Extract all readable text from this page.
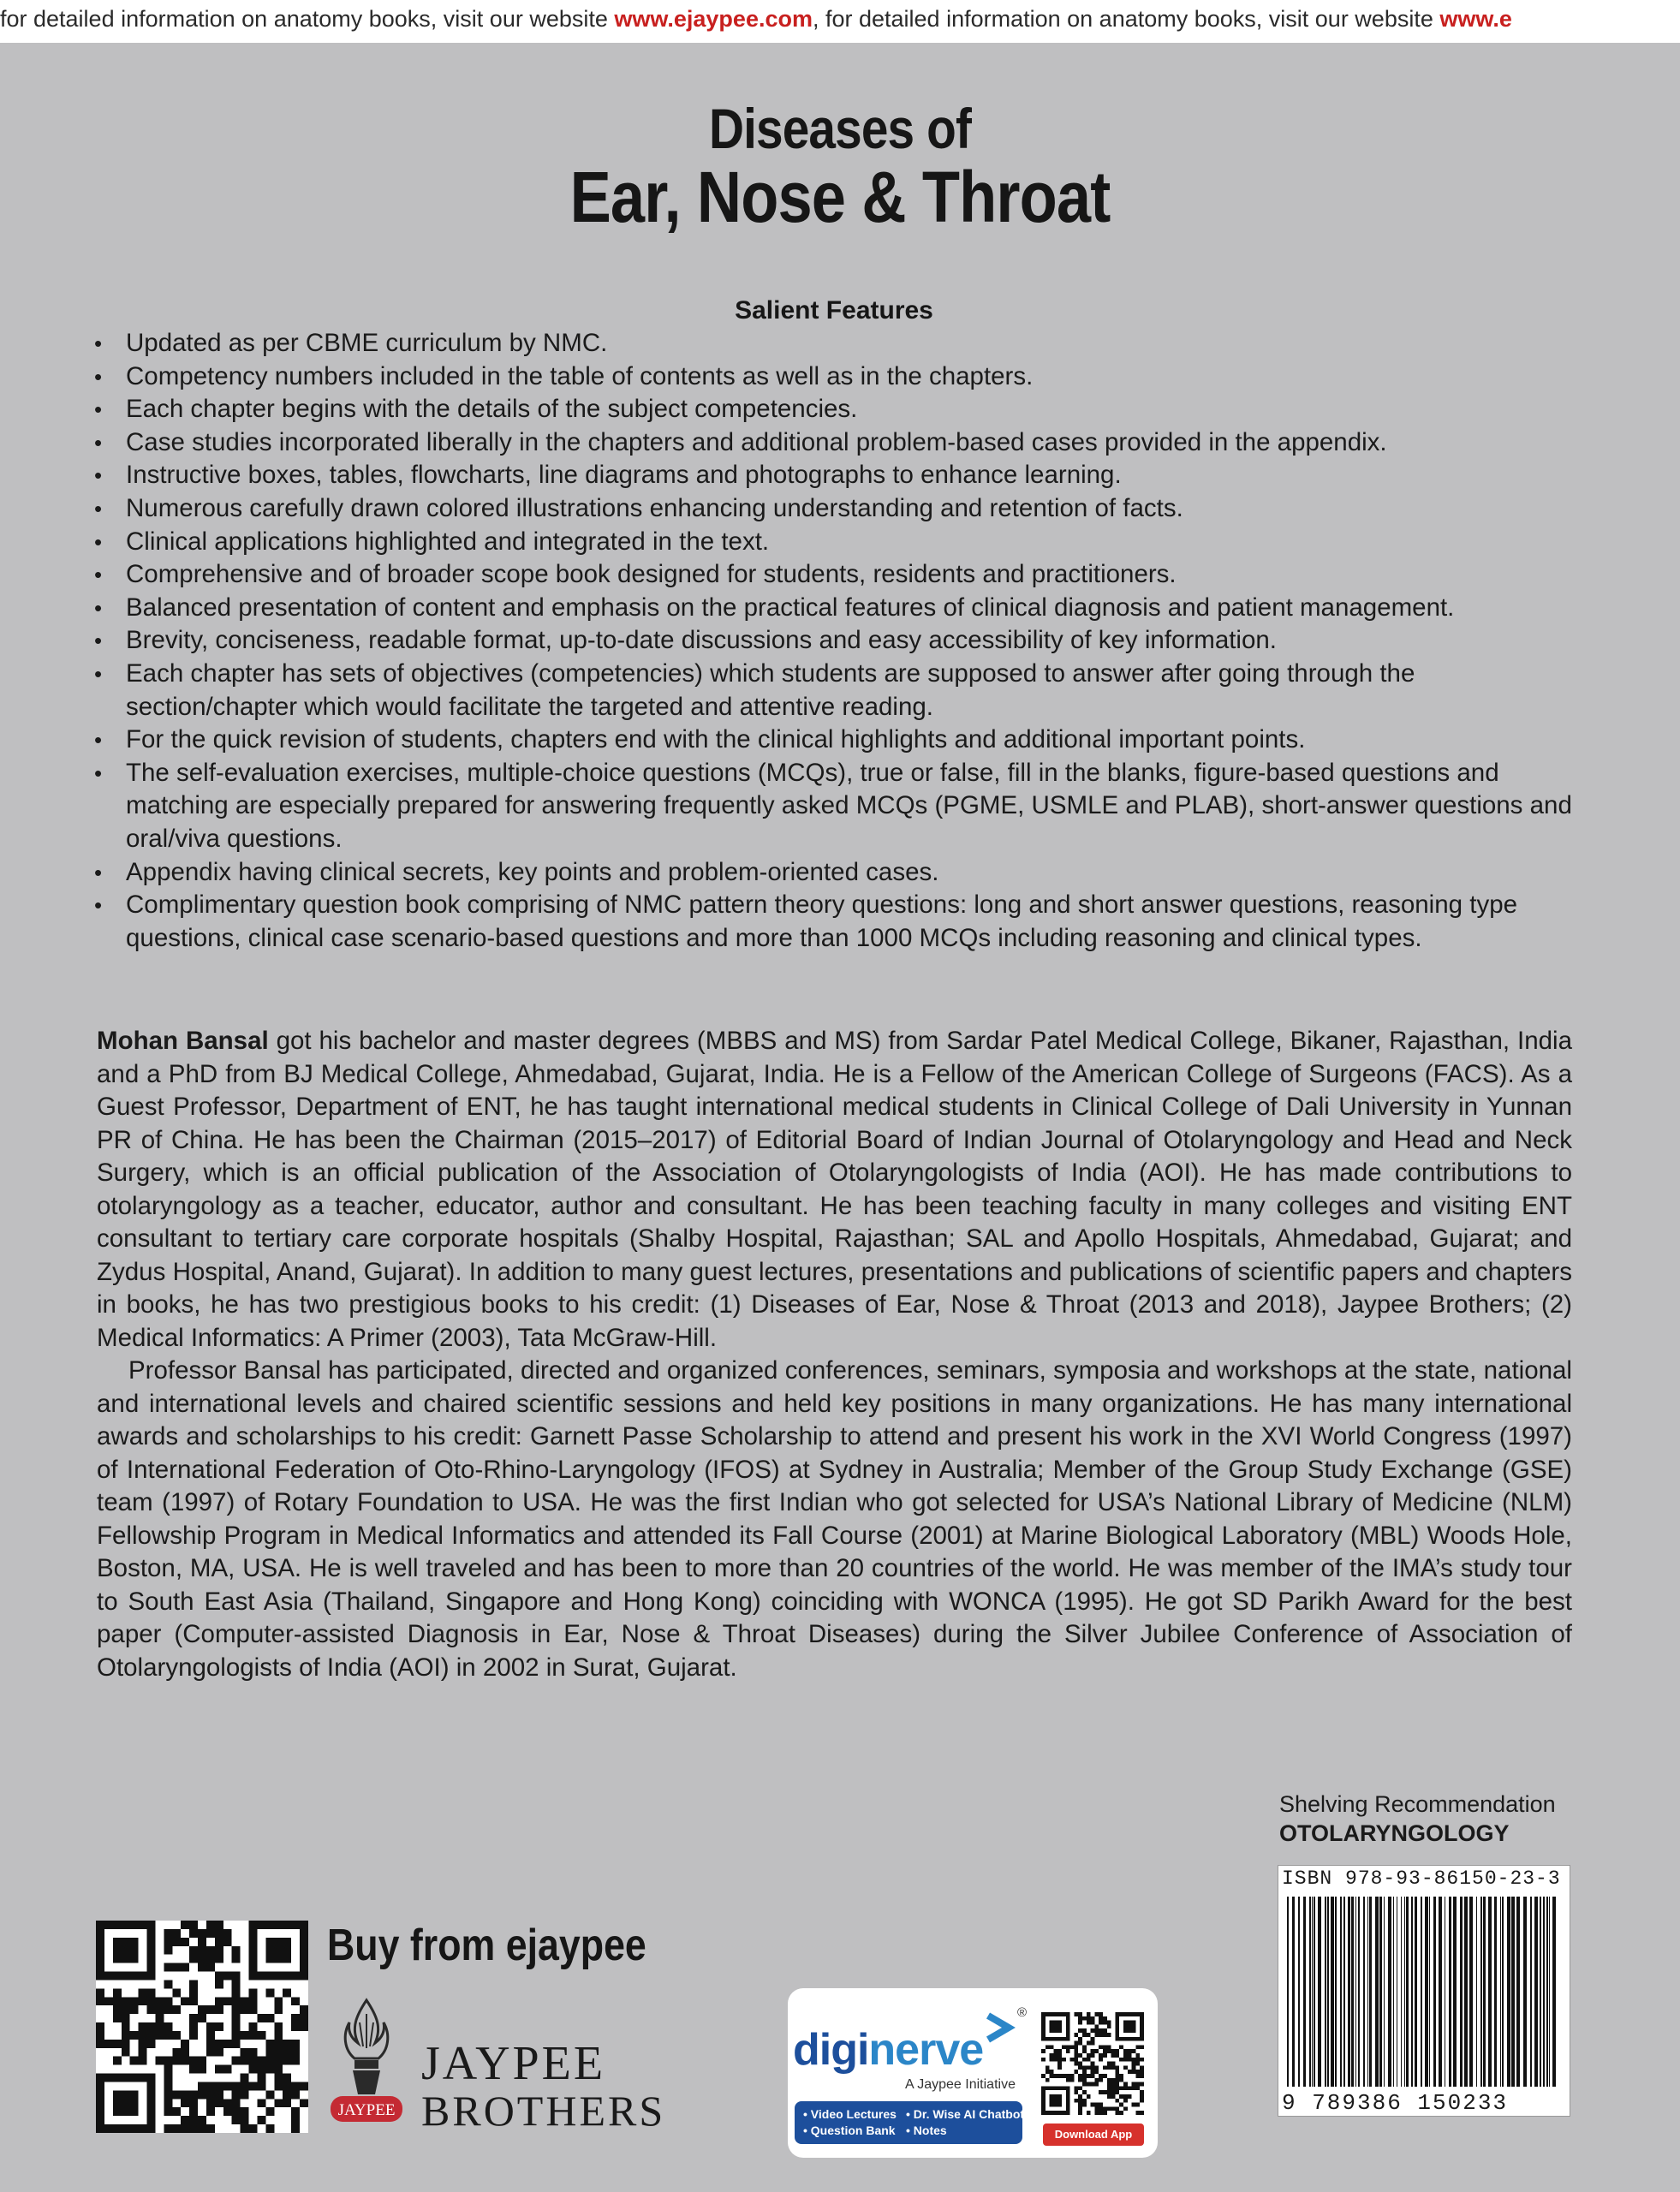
for detailed information on anatomy books, visit our website www.ejaypee.com, for detailed information on anatomy books, visit our website www.e
Diseases of
Ear, Nose & Throat
Salient Features
• Updated as per CBME curriculum by NMC.
• Competency numbers included in the table of contents as well as in the chapters.
• Each chapter begins with the details of the subject competencies.
• Case studies incorporated liberally in the chapters and additional problem-based cases provided in the appendix.
• Instructive boxes, tables, flowcharts, line diagrams and photographs to enhance learning.
• Numerous carefully drawn colored illustrations enhancing understanding and retention of facts.
• Clinical applications highlighted and integrated in the text.
• Comprehensive and of broader scope book designed for students, residents and practitioners.
• Balanced presentation of content and emphasis on the practical features of clinical diagnosis and patient management.
• Brevity, conciseness, readable format, up-to-date discussions and easy accessibility of key information.
• Each chapter has sets of objectives (competencies) which students are supposed to answer after going through the section/chapter which would facilitate the targeted and attentive reading.
• For the quick revision of students, chapters end with the clinical highlights and additional important points.
• The self-evaluation exercises, multiple-choice questions (MCQs), true or false, fill in the blanks, figure-based questions and matching are especially prepared for answering frequently asked MCQs (PGME, USMLE and PLAB), short-answer questions and oral/viva questions.
• Appendix having clinical secrets, key points and problem-oriented cases.
• Complimentary question book comprising of NMC pattern theory questions: long and short answer questions, reasoning type questions, clinical case scenario-based questions and more than 1000 MCQs including reasoning and clinical types.

Mohan Bansal got his bachelor and master degrees (MBBS and MS) from Sardar Patel Medical College, Bikaner, Rajasthan, India and a PhD from BJ Medical College, Ahmedabad, Gujarat, India. He is a Fellow of the American College of Surgeons (FACS). As a Guest Professor, Department of ENT, he has taught international medical students in Clinical College of Dali University in Yunnan PR of China. He has been the Chairman (2015–2017) of Editorial Board of Indian Journal of Otolaryngology and Head and Neck Surgery, which is an official publication of the Association of Otolaryngologists of India (AOI). He has made contributions to otolaryngology as a teacher, educator, author and consultant. He has been teaching faculty in many colleges and visiting ENT consultant to tertiary care corporate hospitals (Shalby Hospital, Rajasthan; SAL and Apollo Hospitals, Ahmedabad, Gujarat; and Zydus Hospital, Anand, Gujarat). In addition to many guest lectures, presentations and publications of scientific papers and chapters in books, he has two prestigious books to his credit: (1) Diseases of Ear, Nose & Throat (2013 and 2018), Jaypee Brothers; (2) Medical Informatics: A Primer (2003), Tata McGraw-Hill.

Professor Bansal has participated, directed and organized conferences, seminars, symposia and workshops at the state, national and international levels and chaired scientific sessions and held key positions in many organizations. He has many international awards and scholarships to his credit: Garnett Passe Scholarship to attend and present his work in the XVI World Congress (1997) of International Federation of Oto-Rhino-Laryngology (IFOS) at Sydney in Australia; Member of the Group Study Exchange (GSE) team (1997) of Rotary Foundation to USA. He was the first Indian who got selected for USA’s National Library of Medicine (NLM) Fellowship Program in Medical Informatics and attended its Fall Course (2001) at Marine Biological Laboratory (MBL) Woods Hole, Boston, MA, USA. He is well traveled and has been to more than 20 countries of the world. He was member of the IMA’s study tour to South East Asia (Thailand, Singapore and Hong Kong) coinciding with WONCA (1995). He got SD Parikh Award for the best paper (Computer-assisted Diagnosis in Ear, Nose & Throat Diseases) during the Silver Jubilee Conference of Association of Otolaryngologists of India (AOI) in 2002 in Surat, Gujarat.

Shelving Recommendation
OTOLARYNGOLOGY
ISBN 978-93-86150-23-3
9 789386 150233
Buy from ejaypee
JAYPEE
JAYPEE
BROTHERS
diginerve
®
A Jaypee Initiative
• Video Lectures • Dr. Wise AI Chatbot
• Question Bank • Notes	Download App
